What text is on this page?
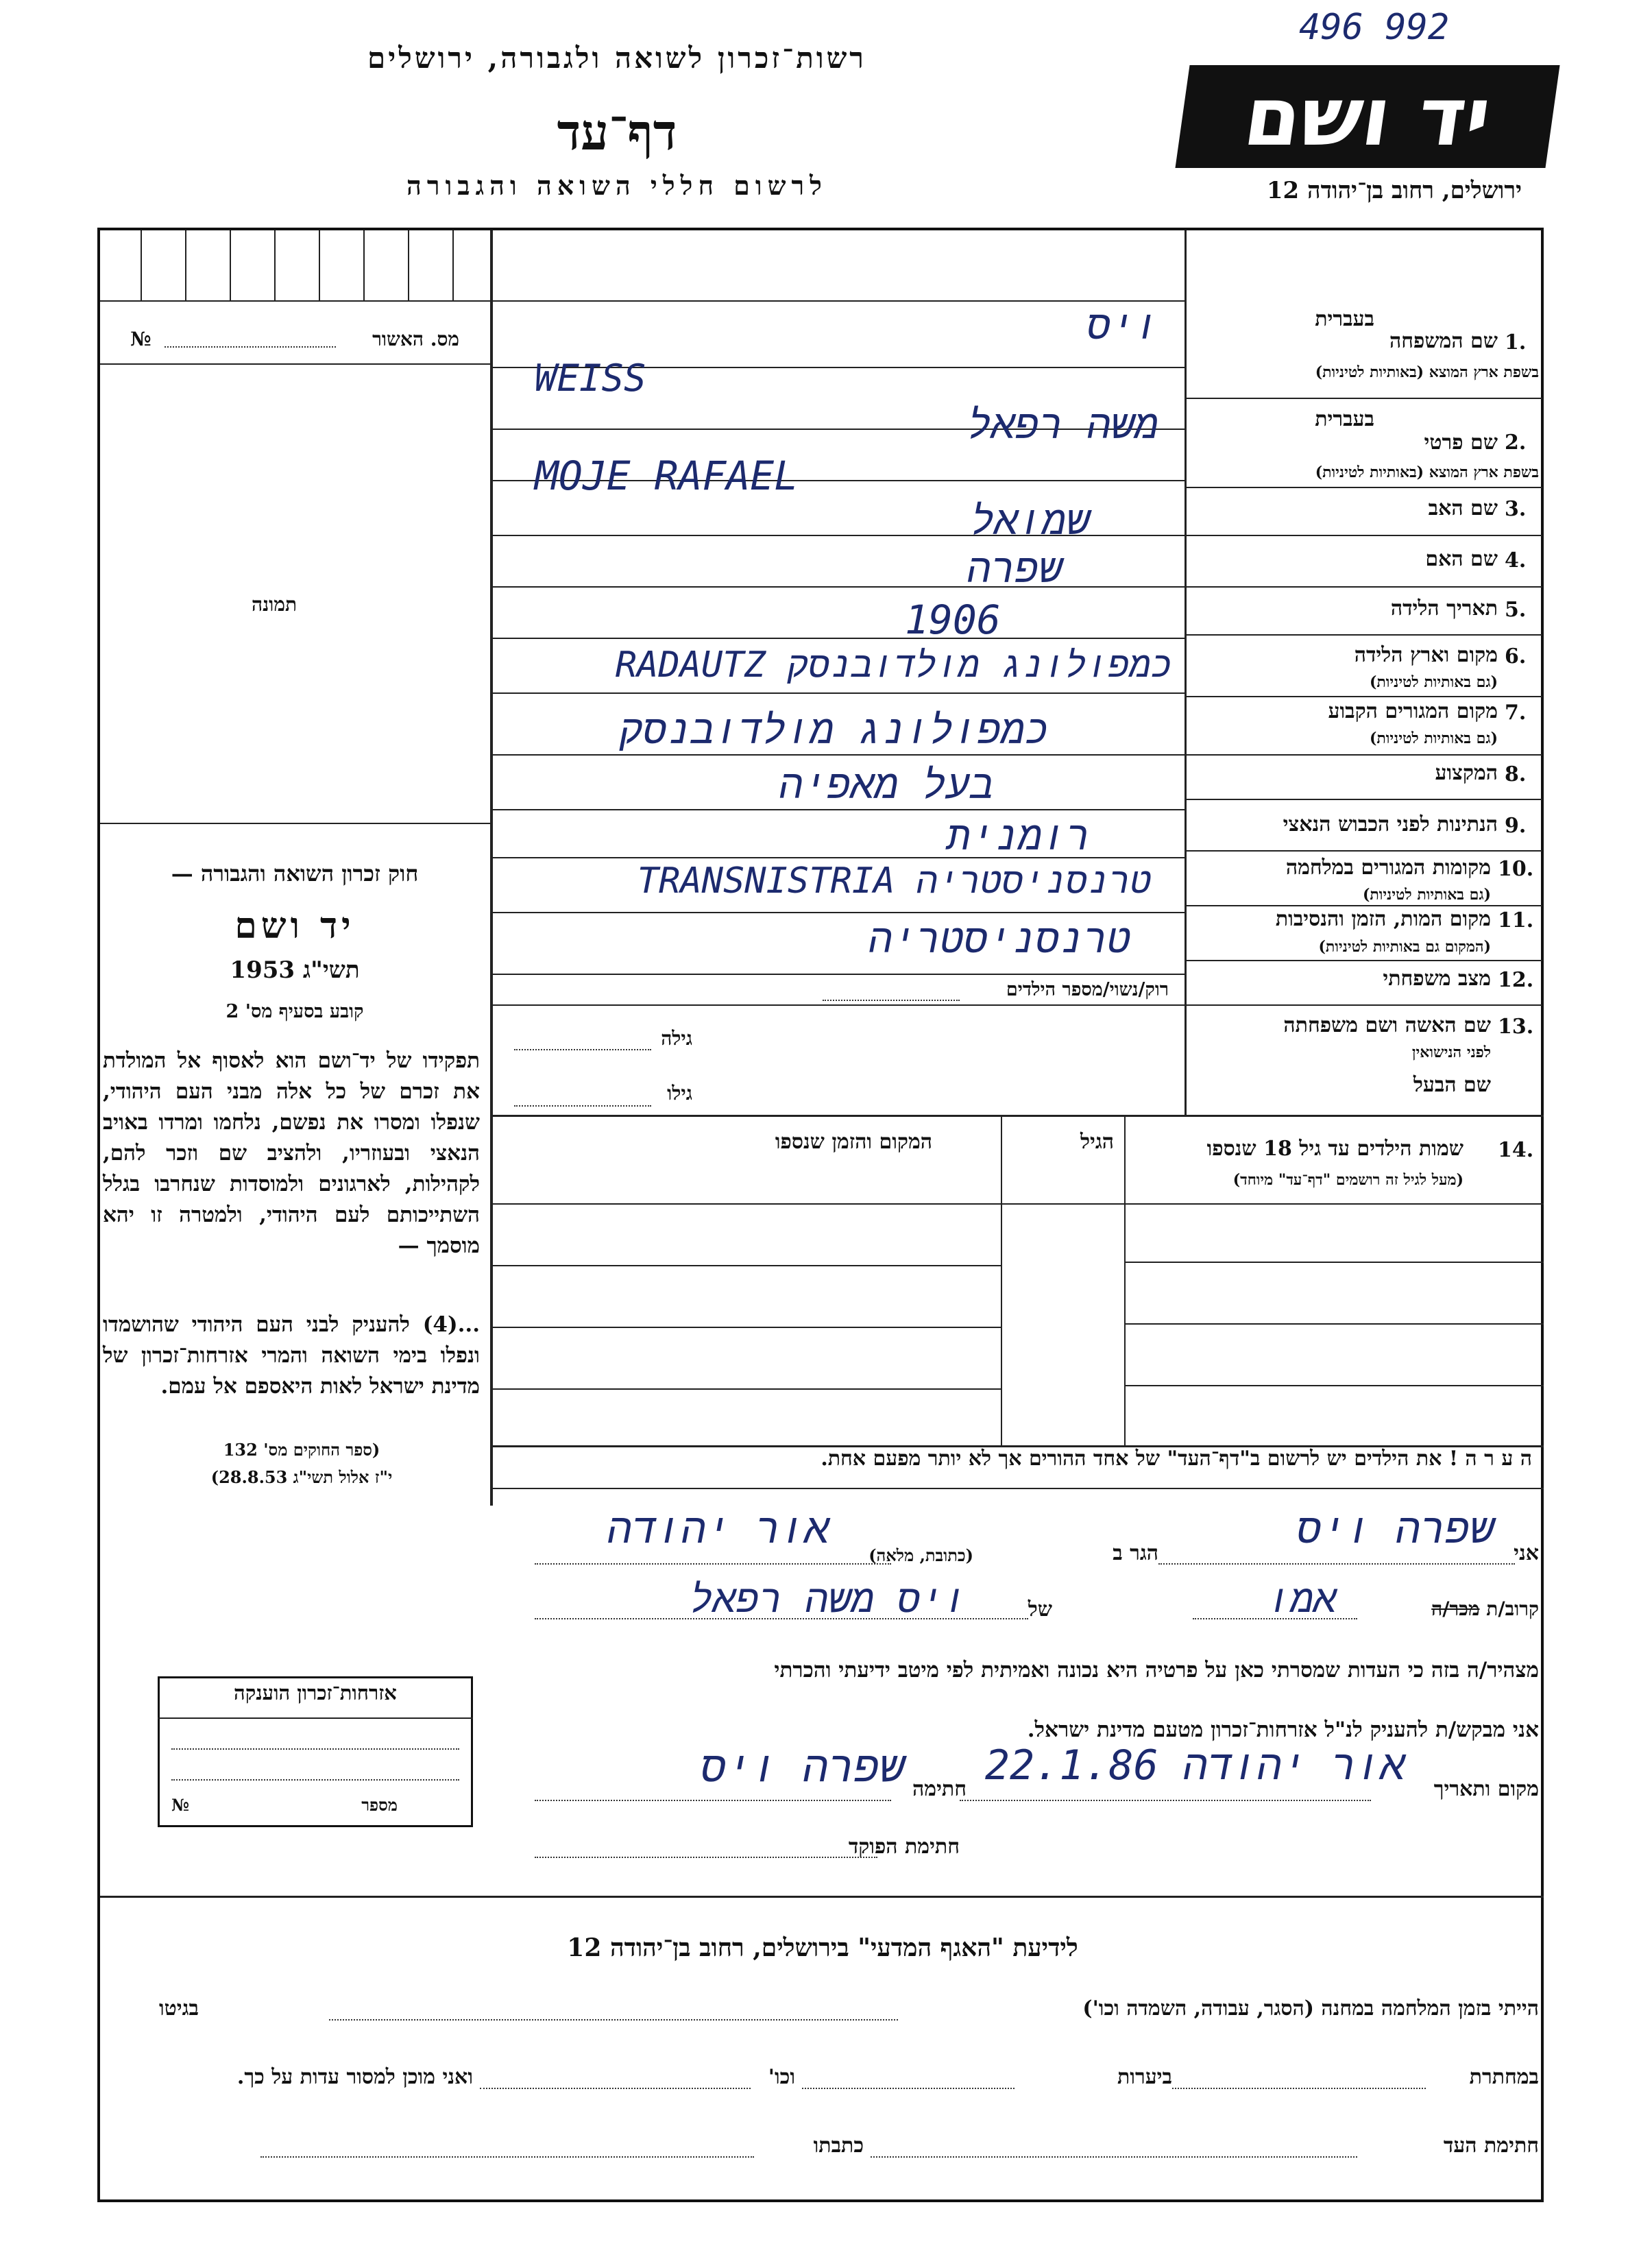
496 992
יד ושם
רשות־זכרון לשואה ולגבורה, ירושלים
דף־עד
לרשום חללי השואה והגבורה	ירושלים, רחוב בן־יהודה 12
מס. האשור
№
תמונה
חוק זכרון השואה והגבורה —
יד ושם
תשי"ג 1953
קובע בסעיף מס' 2
תפקידו של יד־ושם הוא לאסוף אל המולדת את זכרם של כל אלה מבני העם היהודי, שנפלו ומסרו את נפשם, נלחמו ומרדו באויב הנאצי ובעוזריו, ולהציב שם וזכר להם, לקהילות, לארגונים ולמוסדות שנחרבו בגלל השתייכותם לעם היהודי, ולמטרה זו יהא מוסמך —
...(4) להעניק לבני העם היהודי שהושמדו ונפלו בימי השואה והמרי אזרחות־זכרון של מדינת ישראל לאות היאספם אל עמם.
(ספר החוקים מס' 132
י"ז אלול תשי"ג 28.8.53)
1.
שם המשפחה
בעברית
בשפת ארץ המוצא (באותיות לטיניות)
2.
שם פרטי
בעברית
בשפת ארץ המוצא (באותיות לטיניות)
3.
שם האב
4.
שם האם
5.
תאריך הלידה
6.
מקום וארץ הלידה
(גם באותיות לטיניות)
7.
מקום המגורים הקבוע
(גם באותיות לטיניות)
8.
המקצוע
9.
הנתינות לפני הכבוש הנאצי
10.
מקומות המגורים במלחמה
(גם באותיות לטיניות)
11.
מקום המות, הזמן והנסיבות
(המקום גם באותיות לטיניות)
12.
מצב משפחתי
13.
שם האשה ושם משפחתה
לפני הנישואין
שם הבעל
רוק/נשוי/מספר הילדים
גילה
גילו
ויס
WEISS
משה רפאל
MOJE RAFAEL
שמואל
שפרה
1906
כמפולונג מולדובנסק RADAUTZ
כמפולונג מולדובנסק
בעל מאפיה
רומנית
טרנסניסטריה TRANSNISTRIA
טרנסניסטריה
14.
שמות הילדים עד גיל 18 שנספו
(מעל לגיל זה רושמים "דף־עד" מיוחד)
הגיל
המקום והזמן שנספו
ה ע ר ה ! את הילדים יש לרשום ב"דף־העד" של אחד ההורים אך לא יותר מפעם אחת.
אני
שפרה ויס
הגר ב
(כתובת, מלאה)
אור יהודה
קרוב/ת מכר/ה
אמו
של
ויס משה רפאל
מצהיר/ה בזה כי העדות שמסרתי כאן על פרטיה היא נכונה ואמיתית לפי מיטב ידיעתי והכרתי
אני מבקש/ת להעניק לנ"ל אזרחות־זכרון מטעם מדינת ישראל.
מקום ותאריך
אור יהודה 22.1.86
חתימה
שפרה ויס
חתימת הפוקד
אזרחות־זכרון הוענקה
מספר
№
לידיעת "האגף המדעי" בירושלים, רחוב בן־יהודה 12
הייתי בזמן המלחמה במחנה (הסגר, עבודה, השמדה וכו')
בגיטו
במחתרת
ביערות
וכו'
ואני מוכן למסור עדות על כך.
חתימת העד
כתבתו
